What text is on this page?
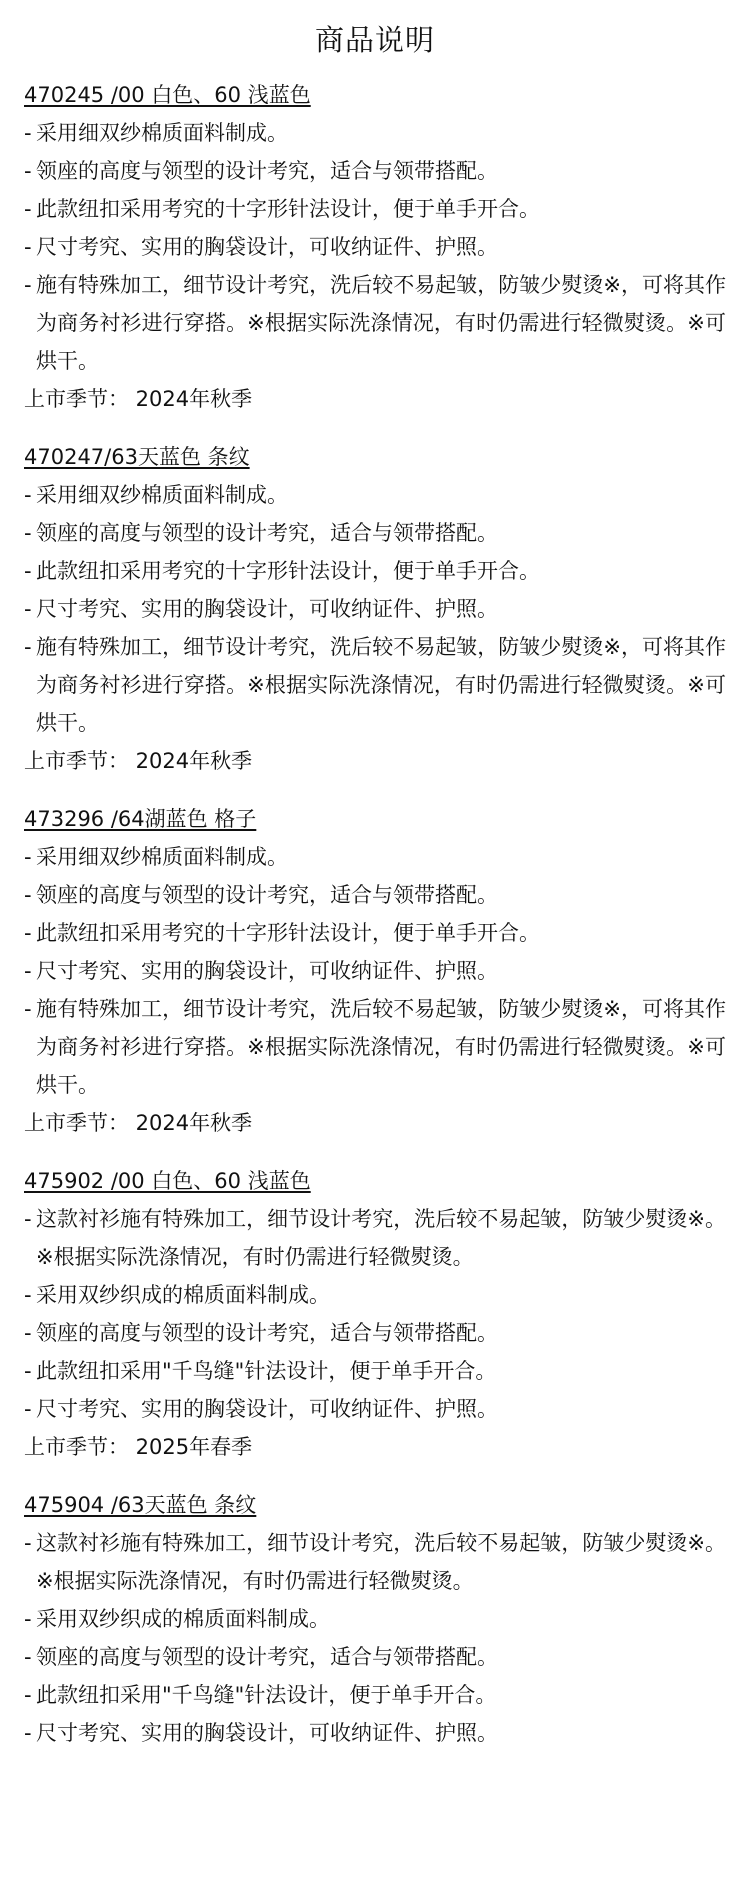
商品说明
470245 /00 白色、60 浅蓝色
- 采用细双纱棉质面料制成。
- 领座的高度与领型的设计考究，适合与领带搭配。
- 此款纽扣采用考究的十字形针法设计，便于单手开合。
- 尺寸考究、实用的胸袋设计，可收纳证件、护照。
- 施有特殊加工，细节设计考究，洗后较不易起皱，防皱少熨烫※，可将其作为商务衬衫进行穿搭。※根据实际洗涤情况，有时仍需进行轻微熨烫。※可烘干。
上市季节： 2024年秋季
470247/63天蓝色 条纹
- 采用细双纱棉质面料制成。
- 领座的高度与领型的设计考究，适合与领带搭配。
- 此款纽扣采用考究的十字形针法设计，便于单手开合。
- 尺寸考究、实用的胸袋设计，可收纳证件、护照。
- 施有特殊加工，细节设计考究，洗后较不易起皱，防皱少熨烫※，可将其作为商务衬衫进行穿搭。※根据实际洗涤情况，有时仍需进行轻微熨烫。※可烘干。
上市季节： 2024年秋季
473296 /64湖蓝色 格子
- 采用细双纱棉质面料制成。
- 领座的高度与领型的设计考究，适合与领带搭配。
- 此款纽扣采用考究的十字形针法设计，便于单手开合。
- 尺寸考究、实用的胸袋设计，可收纳证件、护照。
- 施有特殊加工，细节设计考究，洗后较不易起皱，防皱少熨烫※，可将其作为商务衬衫进行穿搭。※根据实际洗涤情况，有时仍需进行轻微熨烫。※可烘干。
上市季节： 2024年秋季
475902 /00 白色、60 浅蓝色
- 这款衬衫施有特殊加工，细节设计考究，洗后较不易起皱，防皱少熨烫※。※根据实际洗涤情况，有时仍需进行轻微熨烫。
- 采用双纱织成的棉质面料制成。
- 领座的高度与领型的设计考究，适合与领带搭配。
- 此款纽扣采用"千鸟缝"针法设计，便于单手开合。
- 尺寸考究、实用的胸袋设计，可收纳证件、护照。
上市季节： 2025年春季
475904 /63天蓝色 条纹
- 这款衬衫施有特殊加工，细节设计考究，洗后较不易起皱，防皱少熨烫※。※根据实际洗涤情况，有时仍需进行轻微熨烫。
- 采用双纱织成的棉质面料制成。
- 领座的高度与领型的设计考究，适合与领带搭配。
- 此款纽扣采用"千鸟缝"针法设计，便于单手开合。
- 尺寸考究、实用的胸袋设计，可收纳证件、护照。
